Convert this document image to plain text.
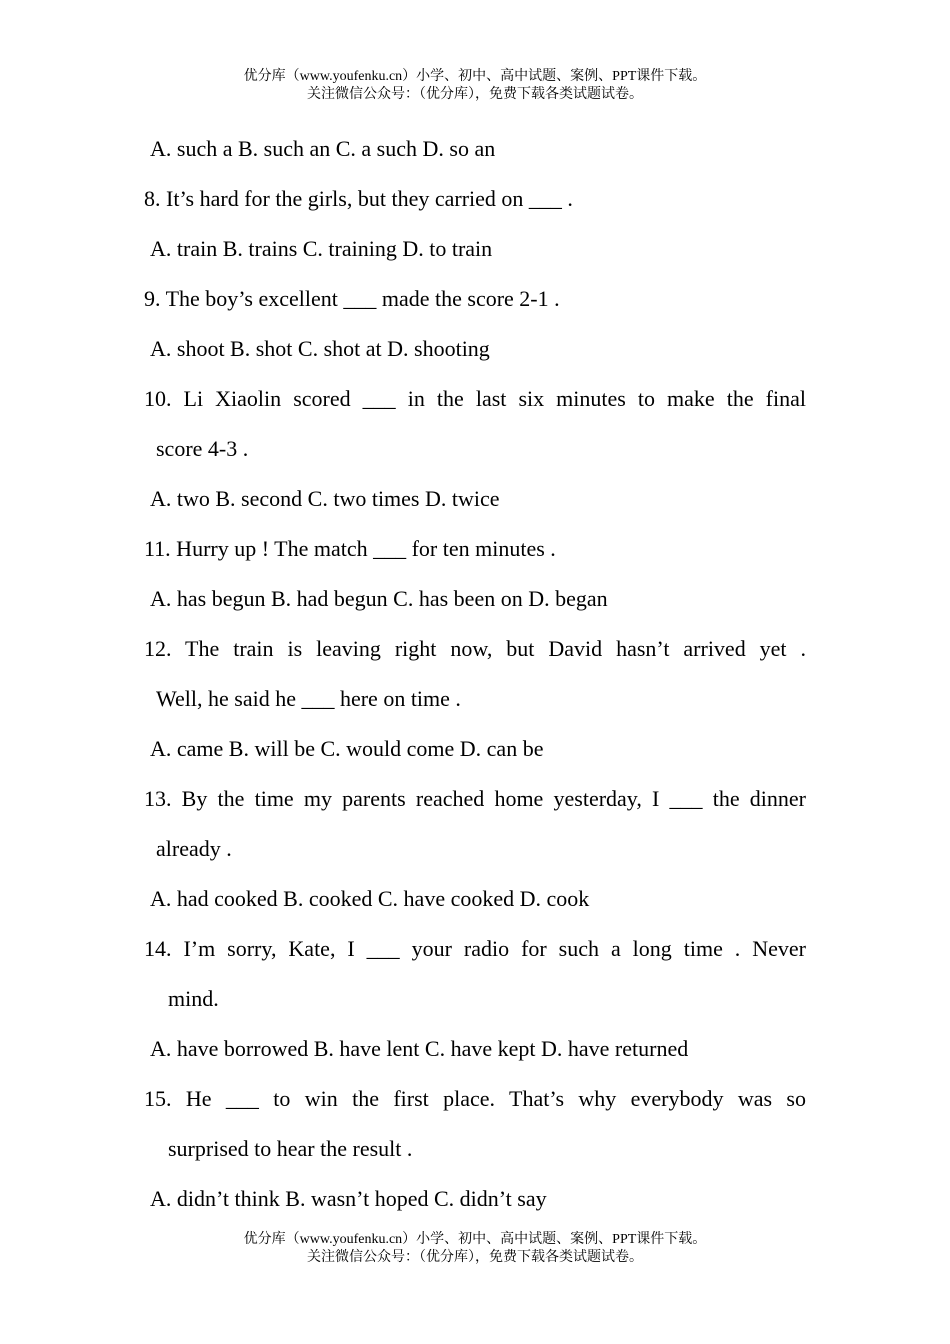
优分库（www.youfenku.cn）小学、初中、高中试题、案例、PPT课件下载。
关注微信公众号：（优分库），免费下载各类试题试卷。
A. such a B. such an C. a such D. so an
8. It’s hard for the girls, but they carried on ___ .
A. train B. trains C. training D. to train
9. The boy’s excellent ___ made the score 2-1 .
A. shoot B. shot C. shot at D. shooting
10. Li Xiaolin scored ___ in the last six minutes to make the final
score 4-3 .
A. two B. second C. two times D. twice
11. Hurry up ! The match ___ for ten minutes .
A. has begun B. had begun C. has been on D. began
12. The train is leaving right now, but David hasn’t arrived yet .
Well, he said he ___ here on time .
A. came B. will be C. would come D. can be
13. By the time my parents reached home yesterday, I ___ the dinner
already .
A. had cooked B. cooked C. have cooked D. cook
14. I’m sorry, Kate, I ___ your radio for such a long time . Never
mind.
A. have borrowed B. have lent C. have kept D. have returned
15. He ___ to win the first place. That’s why everybody was so
surprised to hear the result .
A. didn’t think B. wasn’t hoped C. didn’t say
优分库（www.youfenku.cn）小学、初中、高中试题、案例、PPT课件下载。
关注微信公众号：（优分库），免费下载各类试题试卷。
